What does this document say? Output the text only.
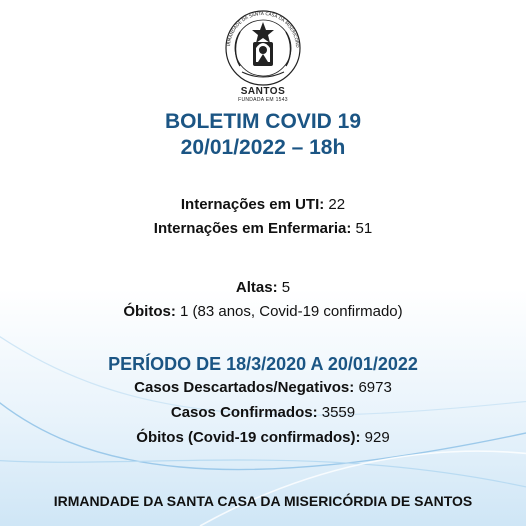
IRMANDADE DA SANTA CASA DA MISERICÓRD
SANTOS
FUNDADA EM 1543
BOLETIM COVID 19
20/01/2022 – 18h
Internações em UTI: 22
Internações em Enfermaria: 51
Altas: 5
Óbitos: 1 (83 anos, Covid-19 confirmado)
PERÍODO DE 18/3/2020 A 20/01/2022
Casos Descartados/Negativos: 6973
Casos Confirmados: 3559
Óbitos (Covid-19 confirmados): 929
IRMANDADE DA SANTA CASA DA MISERICÓRDIA DE SANTOS
